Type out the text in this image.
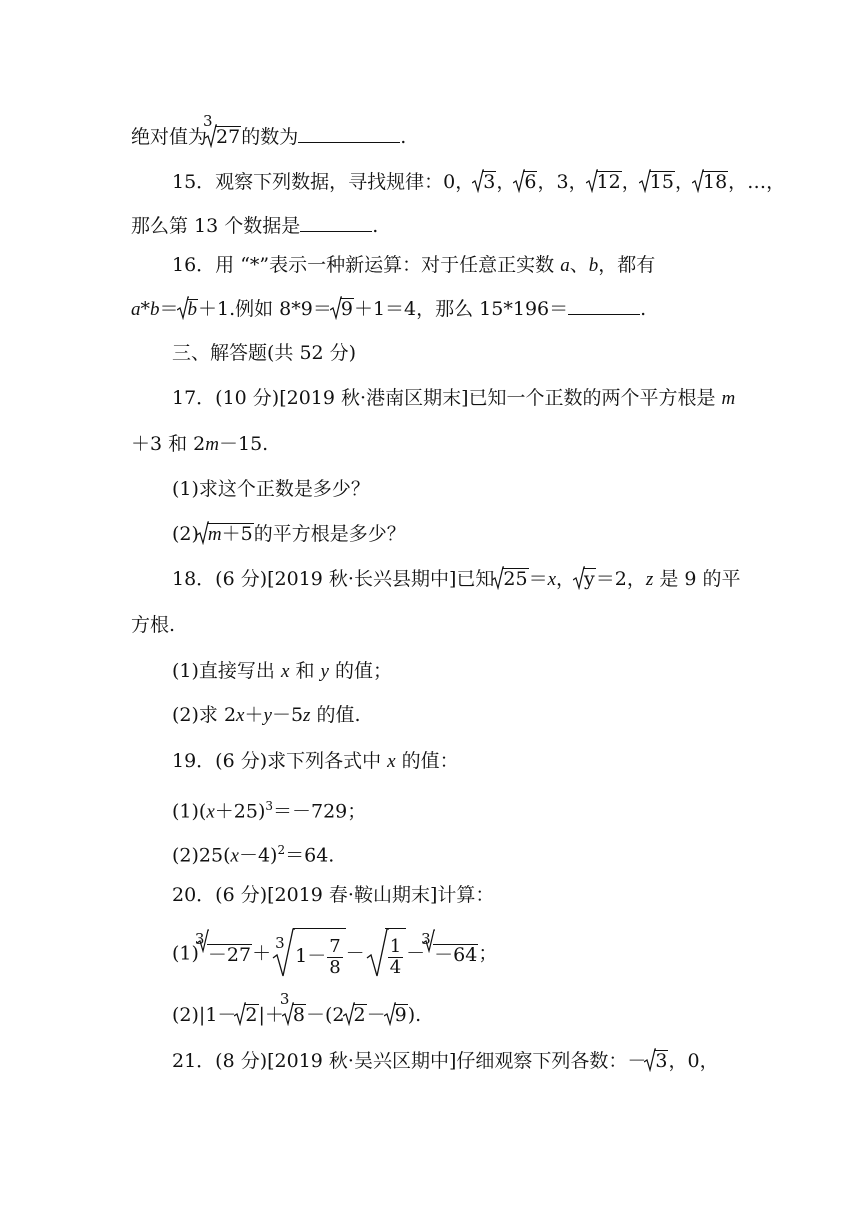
绝对值为
3
27的数为	.
15．观察下列数据，寻找规律：0， 3， 6，3， 12， 15， 18，…，
那么第 13 个数据是	.
16．用 “*”表示一种新运算：对于任意正实数 a、b，都有
a*b＝ b＋1.例如 8*9＝ 9＋1＝4，那么 15*196＝	.
三、解答题(共 52 分)
17．(10 分)[2019 秋·港南区期末]已知一个正数的两个平方根是 m
＋3 和 2m－15.
(1)求这个正数是多少？
(2) m＋5的平方根是多少？
18．(6 分)[2019 秋·长兴县期中]已知 25＝x， y＝2，z 是 9 的平
方根.
(1)直接写出 x 和 y 的值；
(2)求 2x＋y－5z 的值.
19．(6 分)求下列各式中 x 的值：
$(1)(x+25)^3=-729$；
$(2)25(x-4)^2=64$.
20．(6 分)[2019 春·鞍山期末]计算：
(1)
3
－27＋ 3
$1- \frac{7}{8} - \frac{1}{4}$ －
3
－64；
(2)|1－ 2|＋
3
8－(2 2－ 9).
21．(8 分)[2019 秋·吴兴区期中]仔细观察下列各数：－ 3，0，
